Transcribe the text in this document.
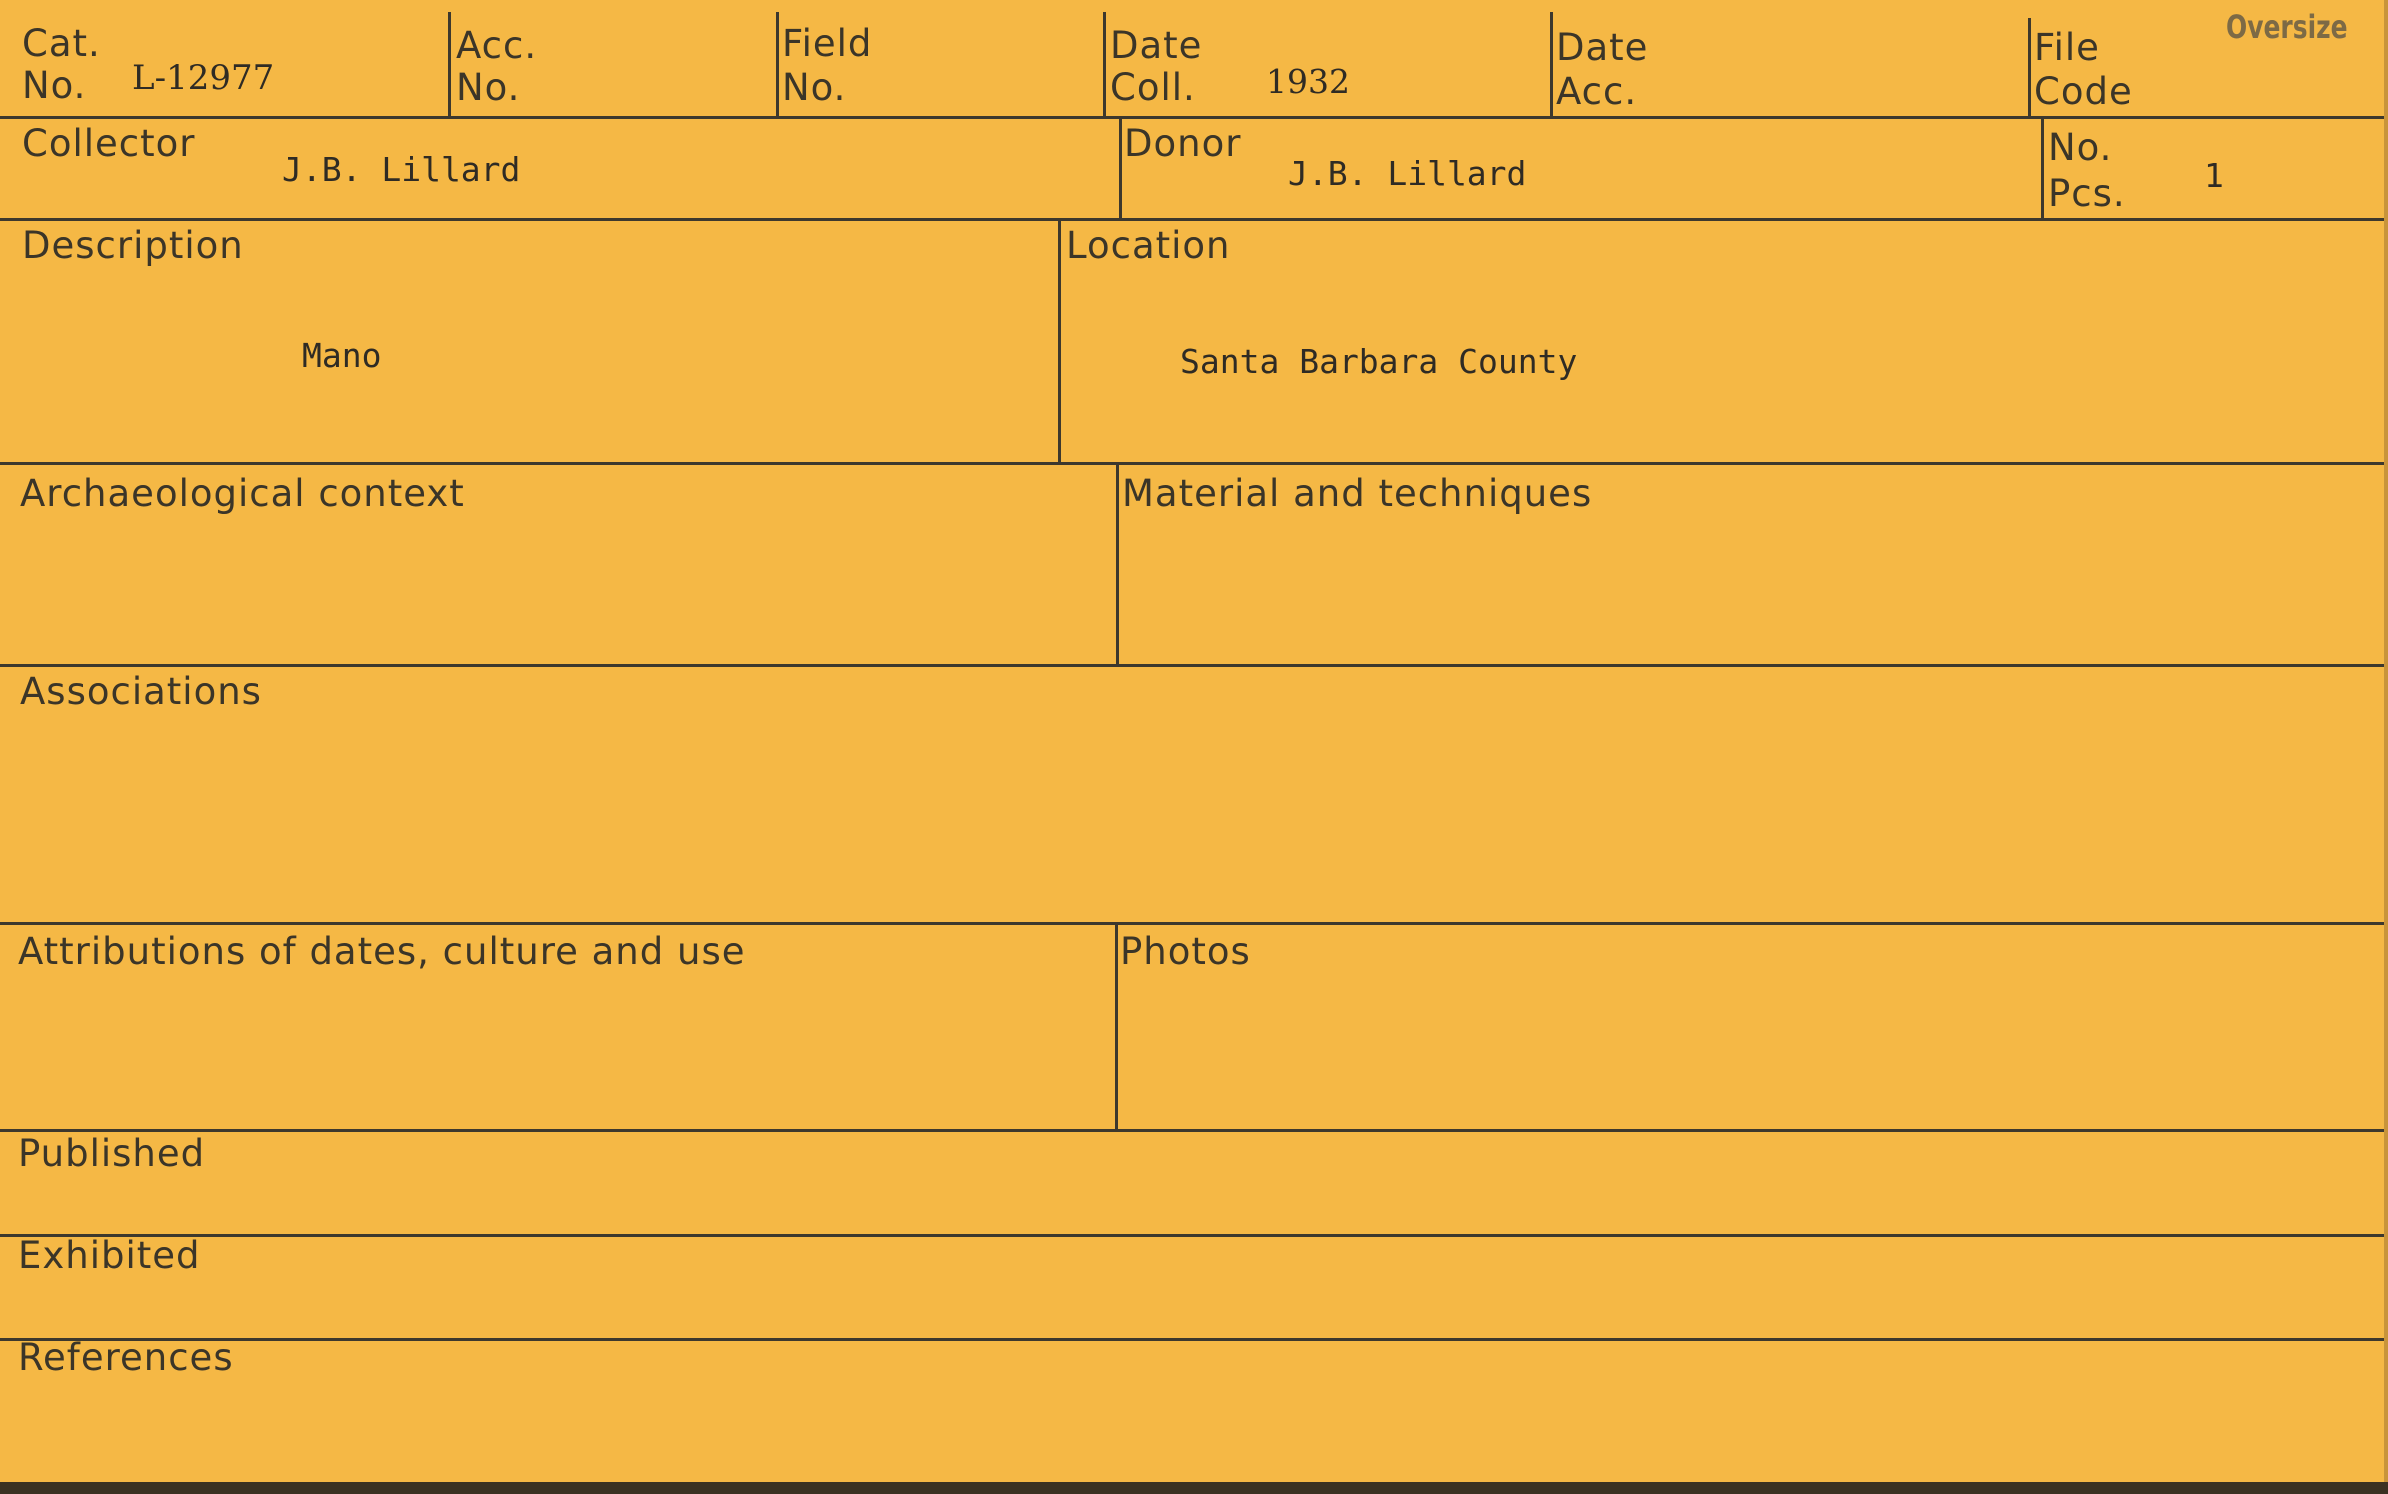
Oversize
Cat.
No. L-12977
Acc.
No.
Field
No.
Date
Coll. 1932
Date
Acc.
File
Code
Collector
J.B. Lillard
Donor
J.B. Lillard
No.
Pcs. 1
Description
Mano
Location
Santa Barbara County
Archaeological context	Material and techniques
Associations
Attributions of dates, culture and use	Photos
Published
Exhibited
References
